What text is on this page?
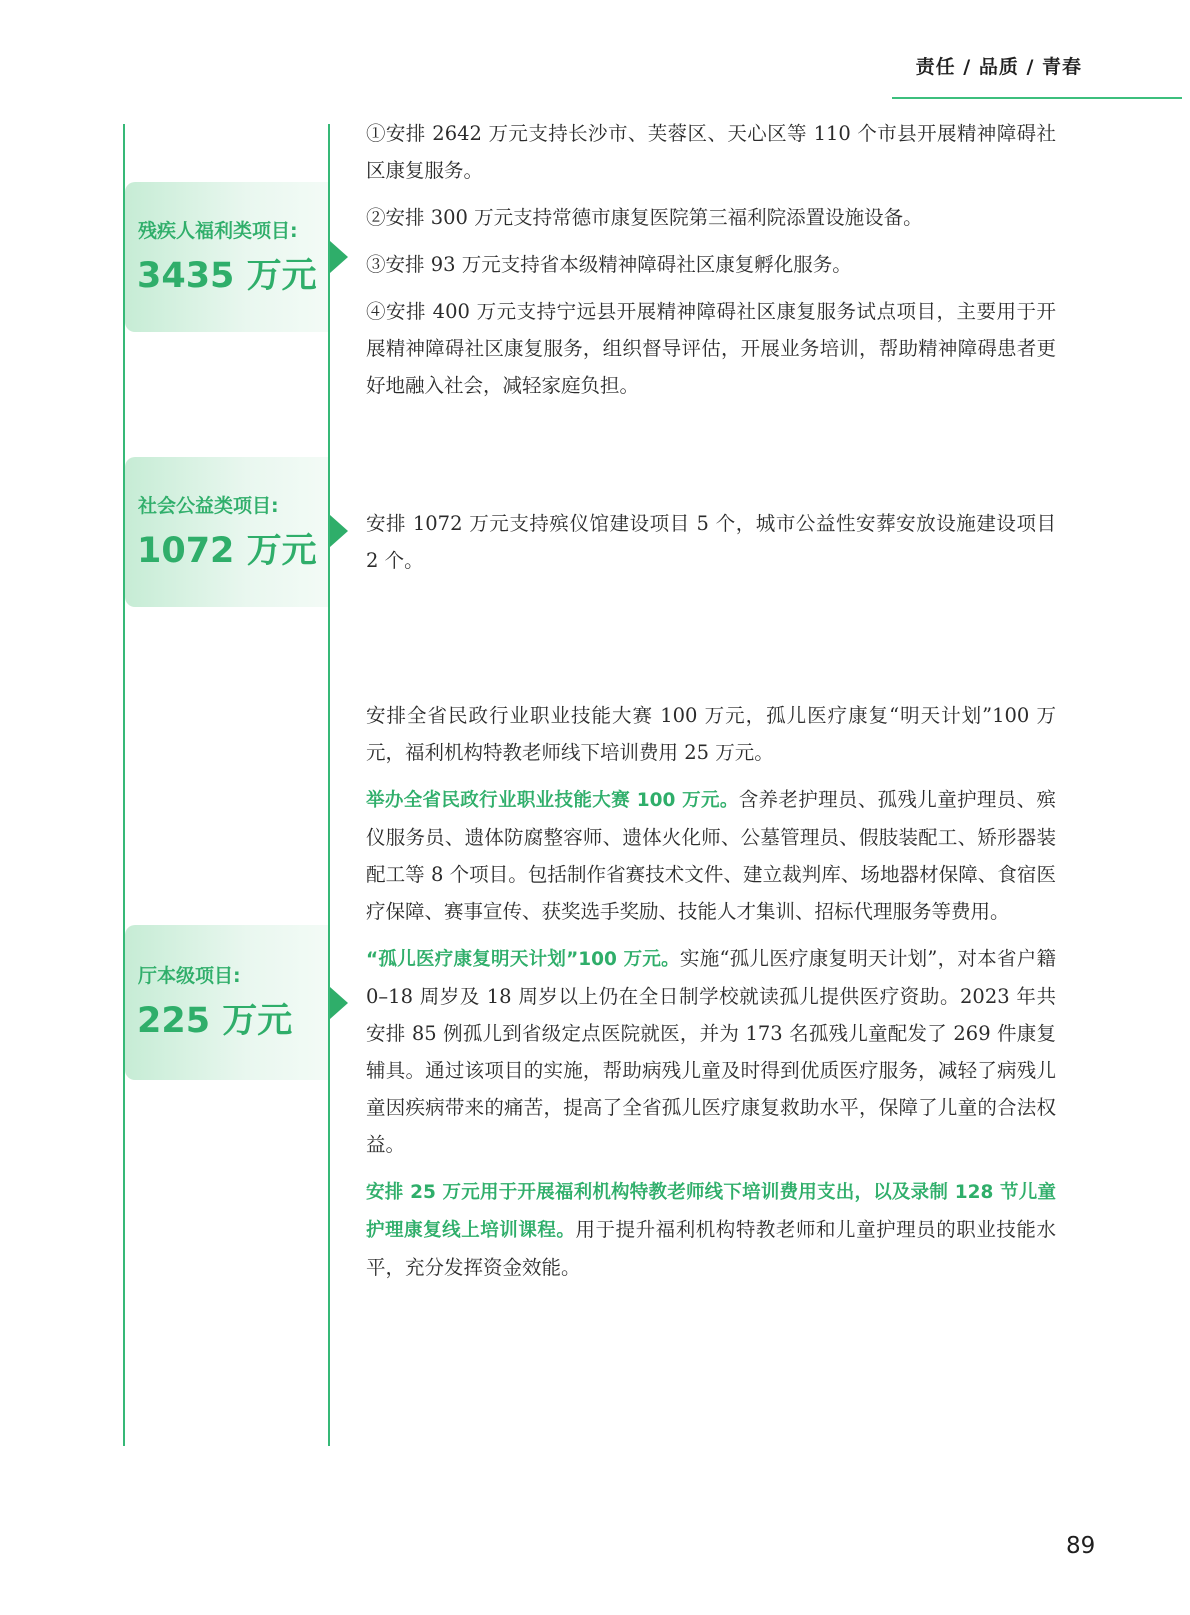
责任 / 品质 / 青春
残疾人福利类项目:
3435 万元
社会公益类项目:
1072 万元
厅本级项目:
225 万元

①安排 2642 万元支持长沙市、芙蓉区、天心区等 110 个市县开展精神障碍社区康复服务。

②安排 300 万元支持常德市康复医院第三福利院添置设施设备。

③安排 93 万元支持省本级精神障碍社区康复孵化服务。

④安排 400 万元支持宁远县开展精神障碍社区康复服务试点项目，主要用于开展精神障碍社区康复服务，组织督导评估，开展业务培训，帮助精神障碍患者更好地融入社会，减轻家庭负担。

安排 1072 万元支持殡仪馆建设项目 5 个，城市公益性安葬安放设施建设项目 2 个。

安排全省民政行业职业技能大赛 100 万元，孤儿医疗康复“明天计划”100 万元，福利机构特教老师线下培训费用 25 万元。

举办全省民政行业职业技能大赛 100 万元。含养老护理员、孤残儿童护理员、殡仪服务员、遗体防腐整容师、遗体火化师、公墓管理员、假肢装配工、矫形器装配工等 8 个项目。包括制作省赛技术文件、建立裁判库、场地器材保障、食宿医疗保障、赛事宣传、获奖选手奖励、技能人才集训、招标代理服务等费用。

“孤儿医疗康复明天计划”100 万元。实施“孤儿医疗康复明天计划”，对本省户籍 0–18 周岁及 18 周岁以上仍在全日制学校就读孤儿提供医疗资助。2023 年共安排 85 例孤儿到省级定点医院就医，并为 173 名孤残儿童配发了 269 件康复辅具。通过该项目的实施，帮助病残儿童及时得到优质医疗服务，减轻了病残儿童因疾病带来的痛苦，提高了全省孤儿医疗康复救助水平，保障了儿童的合法权益。

安排 25 万元用于开展福利机构特教老师线下培训费用支出，以及录制 128 节儿童护理康复线上培训课程。用于提升福利机构特教老师和儿童护理员的职业技能水平，充分发挥资金效能。

89
